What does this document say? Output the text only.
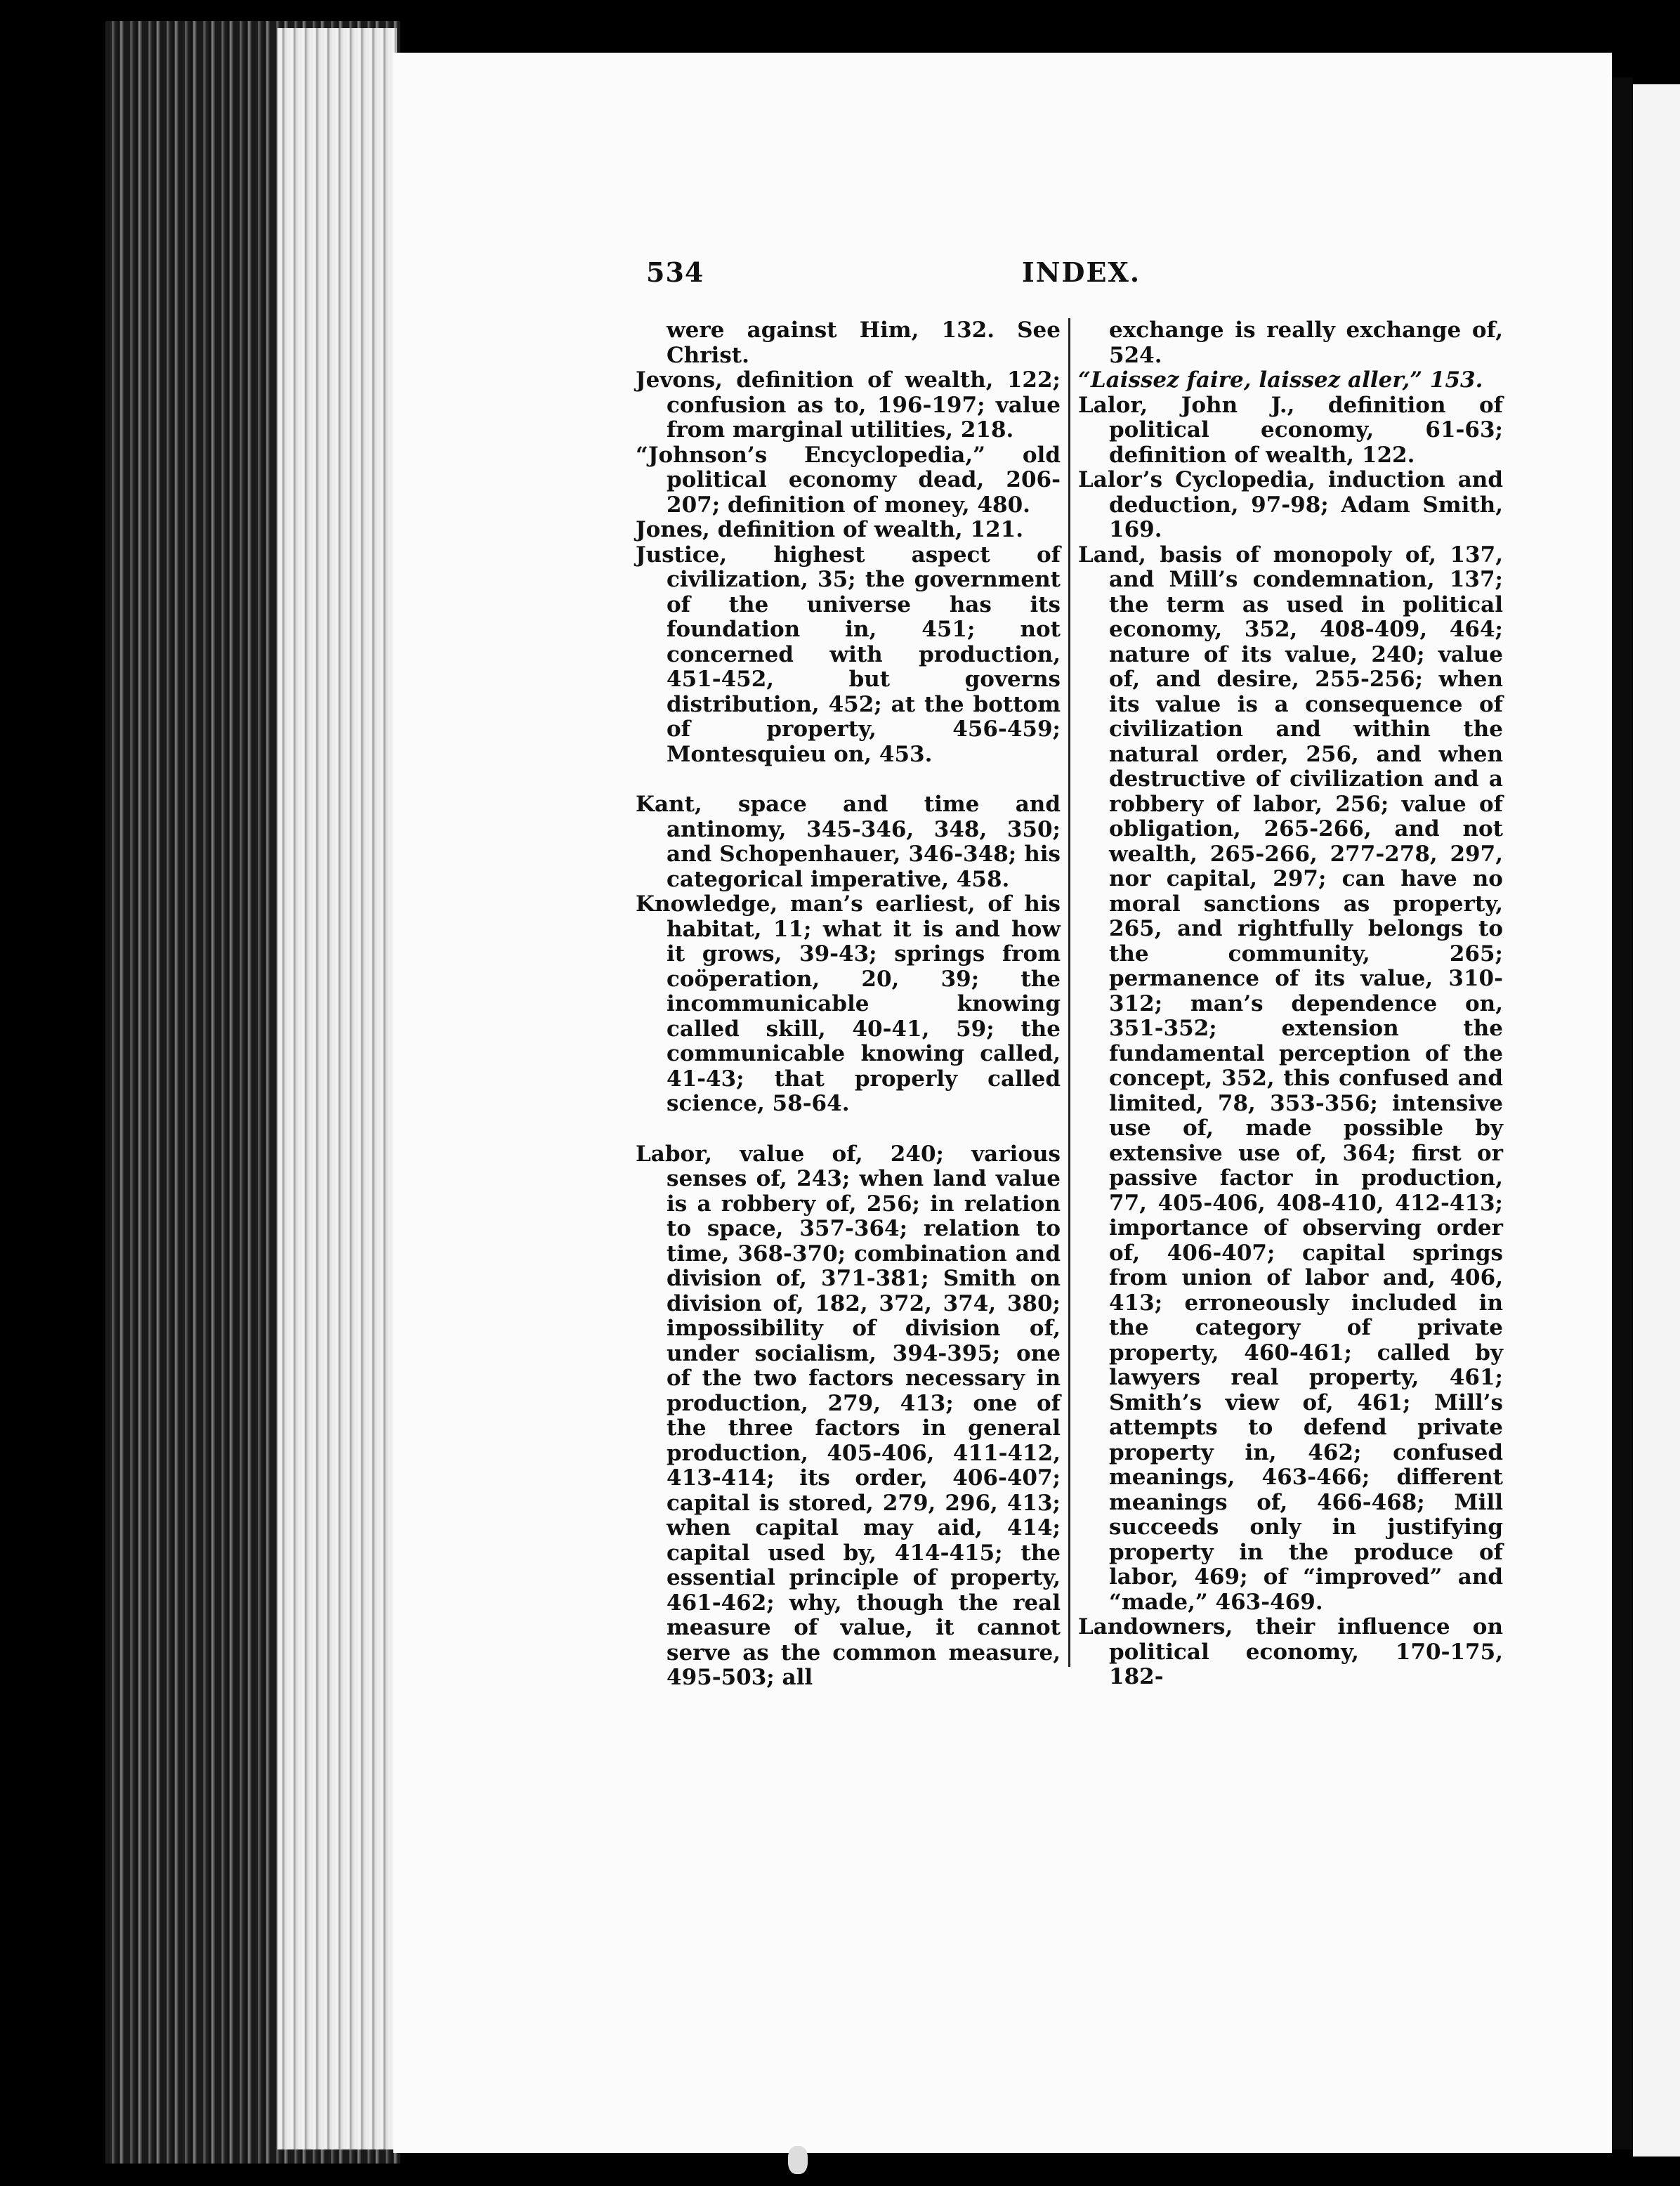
534	INDEX.

were against Him, 132. See Christ.

Jevons, definition of wealth, 122; confusion as to, 196-197; value from marginal utilities, 218.

“Johnson’s Encyclopedia,” old political economy dead, 206-207; definition of money, 480.

Jones, definition of wealth, 121.

Justice, highest aspect of civilization, 35; the government of the universe has its foundation in, 451; not concerned with production, 451-452, but governs distribution, 452; at the bottom of property, 456-459; Montesquieu on, 453.

Kant, space and time and antinomy, 345-346, 348, 350; and Schopenhauer, 346-348; his categorical imperative, 458.

Knowledge, man’s earliest, of his habitat, 11; what it is and how it grows, 39-43; springs from coöperation, 20, 39; the incommunicable knowing called skill, 40-41, 59; the communicable knowing called, 41-43; that properly called science, 58-64.

Labor, value of, 240; various senses of, 243; when land value is a robbery of, 256; in relation to space, 357-364; relation to time, 368-370; combination and division of, 371-381; Smith on division of, 182, 372, 374, 380; impossibility of division of, under socialism, 394-395; one of the two factors necessary in production, 279, 413; one of the three factors in general production, 405-406, 411-412, 413-414; its order, 406-407; capital is stored, 279, 296, 413; when capital may aid, 414; capital used by, 414-415; the essential principle of property, 461-462; why, though the real measure of value, it cannot serve as the common measure, 495-503; all

exchange is really exchange of, 524.

“Laissez faire, laissez aller,” 153.

Lalor, John J., definition of political economy, 61-63; definition of wealth, 122.

Lalor’s Cyclopedia, induction and deduction, 97-98; Adam Smith, 169.

Land, basis of monopoly of, 137, and Mill’s condemnation, 137; the term as used in political economy, 352, 408-409, 464; nature of its value, 240; value of, and desire, 255-256; when its value is a consequence of civilization and within the natural order, 256, and when destructive of civilization and a robbery of labor, 256; value of obligation, 265-266, and not wealth, 265-266, 277-278, 297, nor capital, 297; can have no moral sanctions as property, 265, and rightfully belongs to the community, 265; permanence of its value, 310-312; man’s dependence on, 351-352; extension the fundamental perception of the concept, 352, this confused and limited, 78, 353-356; intensive use of, made possible by extensive use of, 364; first or passive factor in production, 77, 405-406, 408-410, 412-413; importance of observing order of, 406-407; capital springs from union of labor and, 406, 413; erroneously included in the category of private property, 460-461; called by lawyers real property, 461; Smith’s view of, 461; Mill’s attempts to defend private property in, 462; confused meanings, 463-466; different meanings of, 466-468; Mill succeeds only in justifying property in the produce of labor, 469; of “improved” and “made,” 463-469.

Landowners, their influence on political economy, 170-175, 182-
